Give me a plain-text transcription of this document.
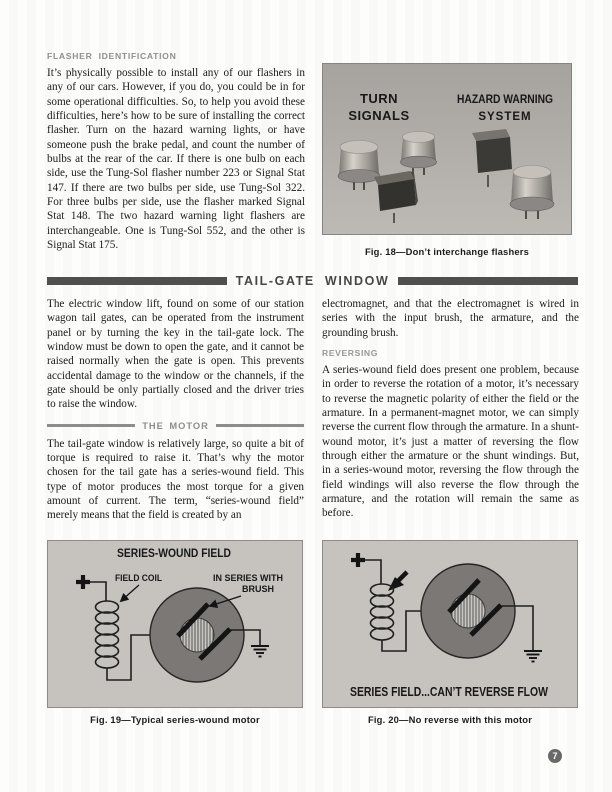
FLASHER IDENTIFICATION

It’s physically possible to install any of our flashers in any of our cars. However, if you do, you could be in for some operational difficulties. So, to help you avoid these difficulties, here’s how to be sure of installing the correct flasher. Turn on the hazard warning lights, or have someone push the brake pedal, and count the number of bulbs at the rear of the car. If there is one bulb on each side, use the Tung-Sol flasher number 223 or Signal Stat 147. If there are two bulbs per side, use Tung-Sol 322. For three bulbs per side, use the flasher marked Signal Stat 148. The two hazard warning light flashers are interchangeable. One is Tung-Sol 552, and the other is Signal Stat 175.

TURN
SIGNALS
HAZARD WARNING
SYSTEM
Fig. 18—Don’t interchange flashers
TAIL-GATE WINDOW

The electric window lift, found on some of our station wagon tail gates, can be operated from the instrument panel or by turning the key in the tail-gate lock. The window must be down to open the gate, and it cannot be raised normally when the gate is open. This prevents accidental damage to the window or the channels, if the gate should be only partially closed and the driver tries to raise the window.

THE MOTOR

The tail-gate window is relatively large, so quite a bit of torque is required to raise it. That’s why the motor chosen for the tail gate has a series-wound field. This type of motor produces the most torque for a given amount of current. The term, “series-wound field” merely means that the field is created by an

electromagnet, and that the electromagnet is wired in series with the input brush, the armature, and the grounding brush.

REVERSING

A series-wound field does present one problem, because in order to reverse the rotation of a motor, it’s necessary to reverse the magnetic polarity of either the field or the armature. In a permanent-magnet motor, we can simply reverse the current flow through the armature. In a shunt-wound motor, it’s just a matter of reversing the flow through either the armature or the shunt windings. But, in a series-wound motor, reversing the flow through the field windings will also reverse the flow through the armature, and the rotation will remain the same as before.

SERIES-WOUND FIELD
FIELD COIL	IN SERIES WITH
BRUSH
Fig. 19—Typical series-wound motor
SERIES FIELD...CAN’T REVERSE FLOW
Fig. 20—No reverse with this motor
7
